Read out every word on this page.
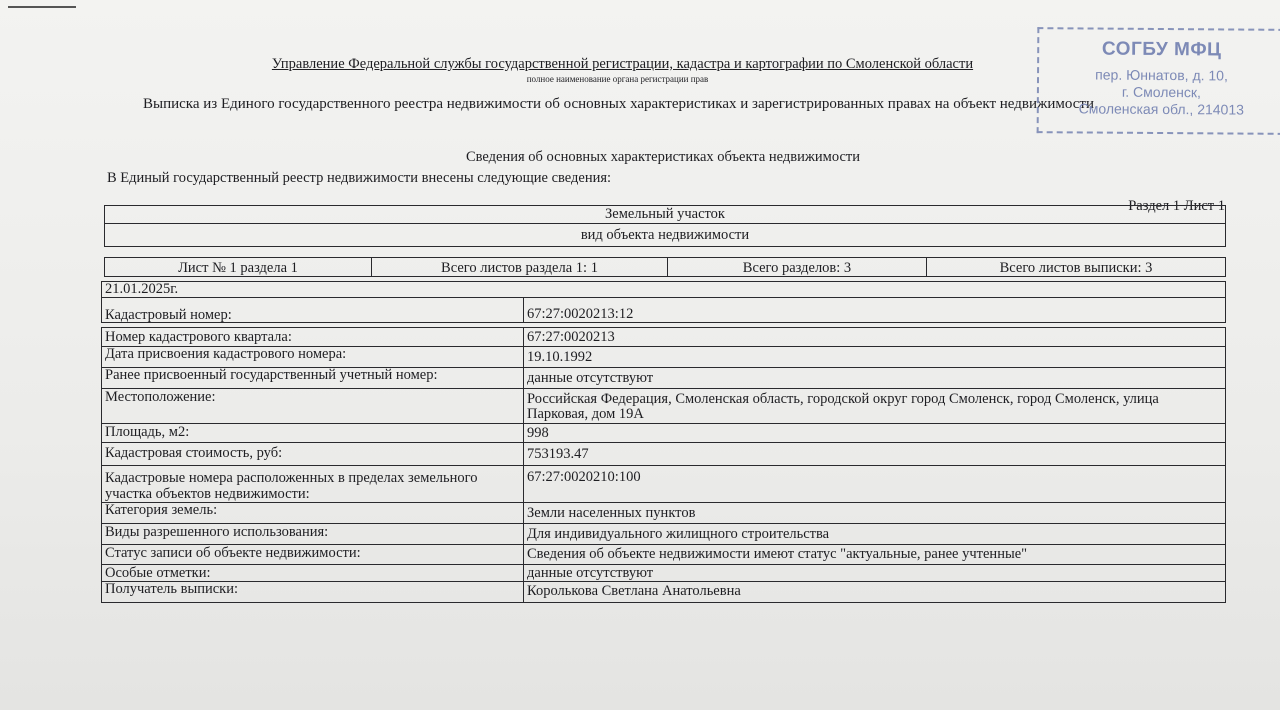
Управление Федеральной службы государственной регистрации, кадастра и картографии по Смоленской области
полное наименование органа регистрации прав
Выписка из Единого государственного реестра недвижимости об основных характеристиках и зарегистрированных правах на объект недвижимости
Сведения об основных характеристиках объекта недвижимости
В Единый государственный реестр недвижимости внесены следующие сведения:
Раздел 1 Лист 1
СОГБУ МФЦ
пер. Юннатов, д. 10,
г. Смоленск,
Смоленская обл., 214013
Земельный участок
вид объекта недвижимости
Лист № 1 раздела 1	Всего листов раздела 1: 1	Всего разделов: 3	Всего листов выписки: 3
21.01.2025г.	
Кадастровый номер:	67:27:0020213:12

Номер кадастрового квартала:	67:27:0020213
Дата присвоения кадастрового номера:	19.10.1992
Ранее присвоенный государственный учетный номер:	данные отсутствуют
Местоположение:	Российская Федерация, Смоленская область, городской округ город Смоленск, город Смоленск, улица Парковая, дом 19А
Площадь, м2:	998
Кадастровая стоимость, руб:	753193.47
Кадастровые номера расположенных в пределах земельного участка объектов недвижимости:	67:27:0020210:100
Категория земель:	Земли населенных пунктов
Виды разрешенного использования:	Для индивидуального жилищного строительства
Статус записи об объекте недвижимости:	Сведения об объекте недвижимости имеют статус "актуальные, ранее учтенные"
Особые отметки:	данные отсутствуют
Получатель выписки:	Королькова Светлана Анатольевна
